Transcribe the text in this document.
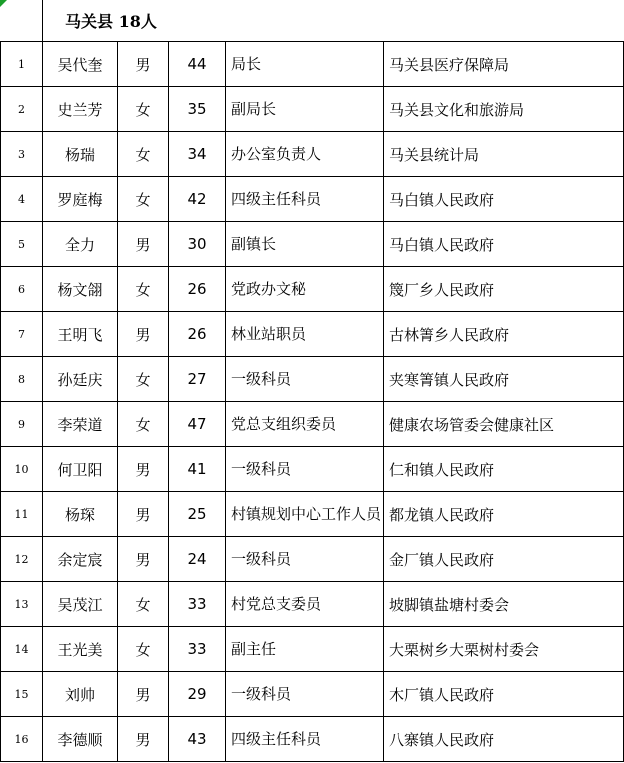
	马关县 18人				
1	吴代奎	男	44	局长	马关县医疗保障局
2	史兰芳	女	35	副局长	马关县文化和旅游局
3	杨瑞	女	34	办公室负责人	马关县统计局
4	罗庭梅	女	42	四级主任科员	马白镇人民政府
5	全力	男	30	副镇长	马白镇人民政府
6	杨文翖	女	26	党政办文秘	篾厂乡人民政府
7	王明飞	男	26	林业站职员	古林箐乡人民政府
8	孙廷庆	女	27	一级科员	夹寒箐镇人民政府
9	李荣道	女	47	党总支组织委员	健康农场管委会健康社区
10	何卫阳	男	41	一级科员	仁和镇人民政府
11	杨琛	男	25	村镇规划中心工作人员	都龙镇人民政府
12	余定宸	男	24	一级科员	金厂镇人民政府
13	吴茂江	女	33	村党总支委员	坡脚镇盐塘村委会
14	王光美	女	33	副主任	大栗树乡大栗树村委会
15	刘帅	男	29	一级科员	木厂镇人民政府
16	李德顺	男	43	四级主任科员	八寨镇人民政府
